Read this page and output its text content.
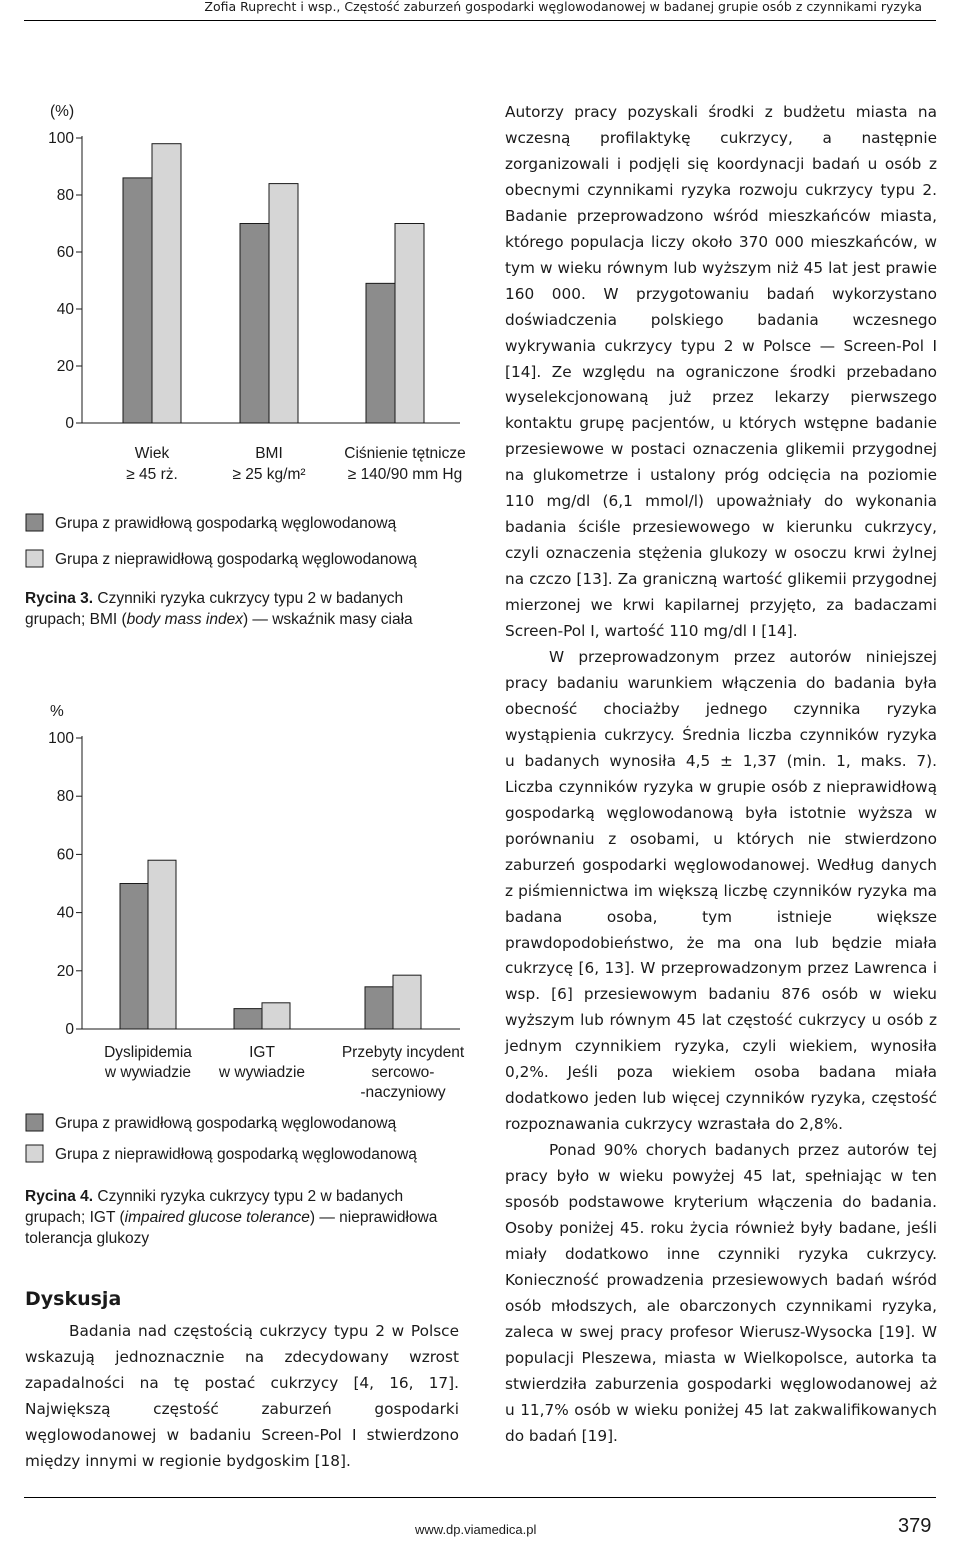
Zofia Ruprecht i wsp., Częstość zaburzeń gospodarki węglowodanowej w badanej grupie osób z czynnikami ryzyka
(%)
100
80
60
40
20
0
Wiek
≥ 45 rż.
BMI
≥ 25 kg/m²
Ciśnienie tętnicze
≥ 140/90 mm Hg
Grupa z prawidłową gospodarką węglowodanową
Grupa z nieprawidłową gospodarką węglowodanową
Rycina 3. Czynniki ryzyka cukrzycy typu 2 w badanych grupach; BMI (body mass index) — wskaźnik masy ciała
%
100
80
60
40
20
0
Dyslipidemia
w wywiadzie
IGT
w wywiadzie
Przebyty incydent
sercowo-
-naczyniowy
Grupa z prawidłową gospodarką węglowodanową
Grupa z nieprawidłową gospodarką węglowodanową
Rycina 4. Czynniki ryzyka cukrzycy typu 2 w badanych grupach; IGT (impaired glucose tolerance) — nieprawidłowa tolerancja glukozy
Dyskusja

Badania nad częstością cukrzycy typu 2 w Polsce wskazują jednoznacznie na zdecydowany wzrost zapadalności na tę postać cukrzycy [4, 16, 17]. Największą częstość zaburzeń gospodarki węglowodanowej w badaniu Screen-Pol I stwierdzono między innymi w regionie bydgoskim [18].

Autorzy pracy pozyskali środki z budżetu miasta na wczesną profilaktykę cukrzycy, a następnie zorganizowali i podjęli się koordynacji badań u osób z obecnymi czynnikami ryzyka rozwoju cukrzycy typu 2. Badanie przeprowadzono wśród mieszkańców miasta, którego populacja liczy około 370 000 mieszkańców, w tym w wieku równym lub wyższym niż 45 lat jest prawie 160 000. W przygotowaniu badań wykorzystano doświadczenia polskiego badania wczesnego wykrywania cukrzycy typu 2 w Polsce — Screen-Pol I [14]. Ze względu na ograniczone środki przebadano wyselekcjonowaną już przez lekarzy pierwszego kontaktu grupę pacjentów, u których wstępne badanie przesiewowe w postaci oznaczenia glikemii przygodnej na glukometrze i ustalony próg odcięcia na poziomie 110 mg/dl (6,1 mmol/l) upoważniały do wykonania badania ściśle przesiewowego w kierunku cukrzycy, czyli oznaczenia stężenia glukozy w osoczu krwi żylnej na czczo [13]. Za graniczną wartość glikemii przygodnej mierzonej we krwi kapilarnej przyjęto, za badaczami Screen-Pol I, wartość 110 mg/dl I [14].

W przeprowadzonym przez autorów niniejszej pracy badaniu warunkiem włączenia do badania była obecność chociażby jednego czynnika ryzyka wystąpienia cukrzycy. Średnia liczba czynników ryzyka u badanych wynosiła 4,5 ± 1,37 (min. 1, maks. 7). Liczba czynników ryzyka w grupie osób z nieprawidłową gospodarką węglowodanową była istotnie wyższa w porównaniu z osobami, u których nie stwierdzono zaburzeń gospodarki węglowodanowej. Według danych z piśmiennictwa im większą liczbę czynników ryzyka ma badana osoba, tym istnieje większe prawdopodobieństwo, że ma ona lub będzie miała cukrzycę [6, 13]. W przeprowadzonym przez Lawrenca i wsp. [6] przesiewowym badaniu 876 osób w wieku wyższym lub równym 45 lat częstość cukrzycy u osób z jednym czynnikiem ryzyka, czyli wiekiem, wynosiła 0,2%. Jeśli poza wiekiem osoba badana miała dodatkowo jeden lub więcej czynników ryzyka, częstość rozpoznawania cukrzycy wzrastała do 2,8%.

Ponad 90% chorych badanych przez autorów tej pracy było w wieku powyżej 45 lat, spełniając w ten sposób podstawowe kryterium włączenia do badania. Osoby poniżej 45. roku życia również były badane, jeśli miały dodatkowo inne czynniki ryzyka cukrzycy. Konieczność prowadzenia przesiewowych badań wśród osób młodszych, ale obarczonych czynnikami ryzyka, zaleca w swej pracy profesor Wierusz-Wysocka [19]. W populacji Pleszewa, miasta w Wielkopolsce, autorka ta stwierdziła zaburzenia gospodarki węglowodanowej aż u 11,7% osób w wieku poniżej 45 lat zakwalifikowanych do badań [19].

www.dp.viamedica.pl	379
